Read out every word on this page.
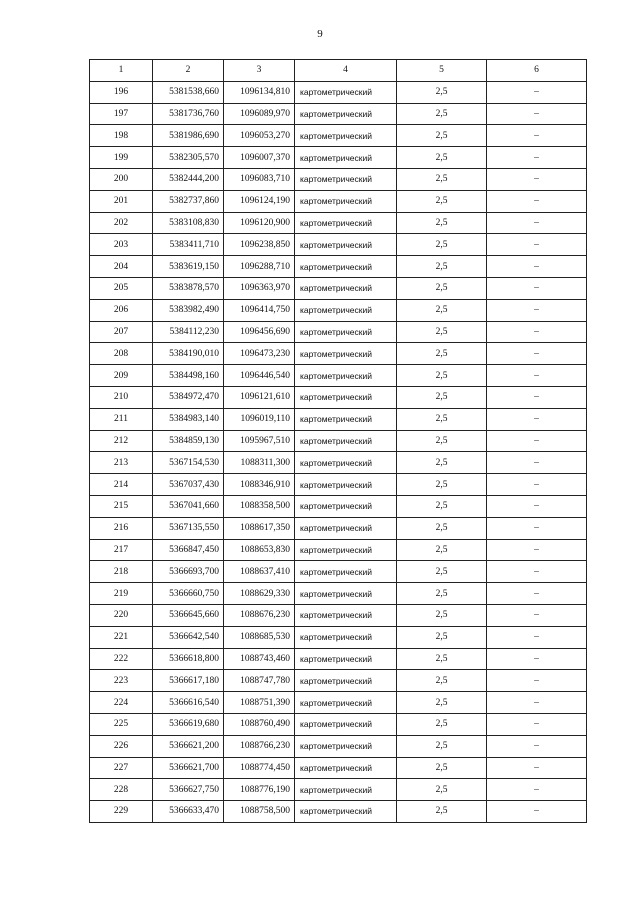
9
1	2	3	4	5	6
196	5381538,660	1096134,810	картометрический	2,5	–
197	5381736,760	1096089,970	картометрический	2,5	–
198	5381986,690	1096053,270	картометрический	2,5	–
199	5382305,570	1096007,370	картометрический	2,5	–
200	5382444,200	1096083,710	картометрический	2,5	–
201	5382737,860	1096124,190	картометрический	2,5	–
202	5383108,830	1096120,900	картометрический	2,5	–
203	5383411,710	1096238,850	картометрический	2,5	–
204	5383619,150	1096288,710	картометрический	2,5	–
205	5383878,570	1096363,970	картометрический	2,5	–
206	5383982,490	1096414,750	картометрический	2,5	–
207	5384112,230	1096456,690	картометрический	2,5	–
208	5384190,010	1096473,230	картометрический	2,5	–
209	5384498,160	1096446,540	картометрический	2,5	–
210	5384972,470	1096121,610	картометрический	2,5	–
211	5384983,140	1096019,110	картометрический	2,5	–
212	5384859,130	1095967,510	картометрический	2,5	–
213	5367154,530	1088311,300	картометрический	2,5	–
214	5367037,430	1088346,910	картометрический	2,5	–
215	5367041,660	1088358,500	картометрический	2,5	–
216	5367135,550	1088617,350	картометрический	2,5	–
217	5366847,450	1088653,830	картометрический	2,5	–
218	5366693,700	1088637,410	картометрический	2,5	–
219	5366660,750	1088629,330	картометрический	2,5	–
220	5366645,660	1088676,230	картометрический	2,5	–
221	5366642,540	1088685,530	картометрический	2,5	–
222	5366618,800	1088743,460	картометрический	2,5	–
223	5366617,180	1088747,780	картометрический	2,5	–
224	5366616,540	1088751,390	картометрический	2,5	–
225	5366619,680	1088760,490	картометрический	2,5	–
226	5366621,200	1088766,230	картометрический	2,5	–
227	5366621,700	1088774,450	картометрический	2,5	–
228	5366627,750	1088776,190	картометрический	2,5	–
229	5366633,470	1088758,500	картометрический	2,5	–
